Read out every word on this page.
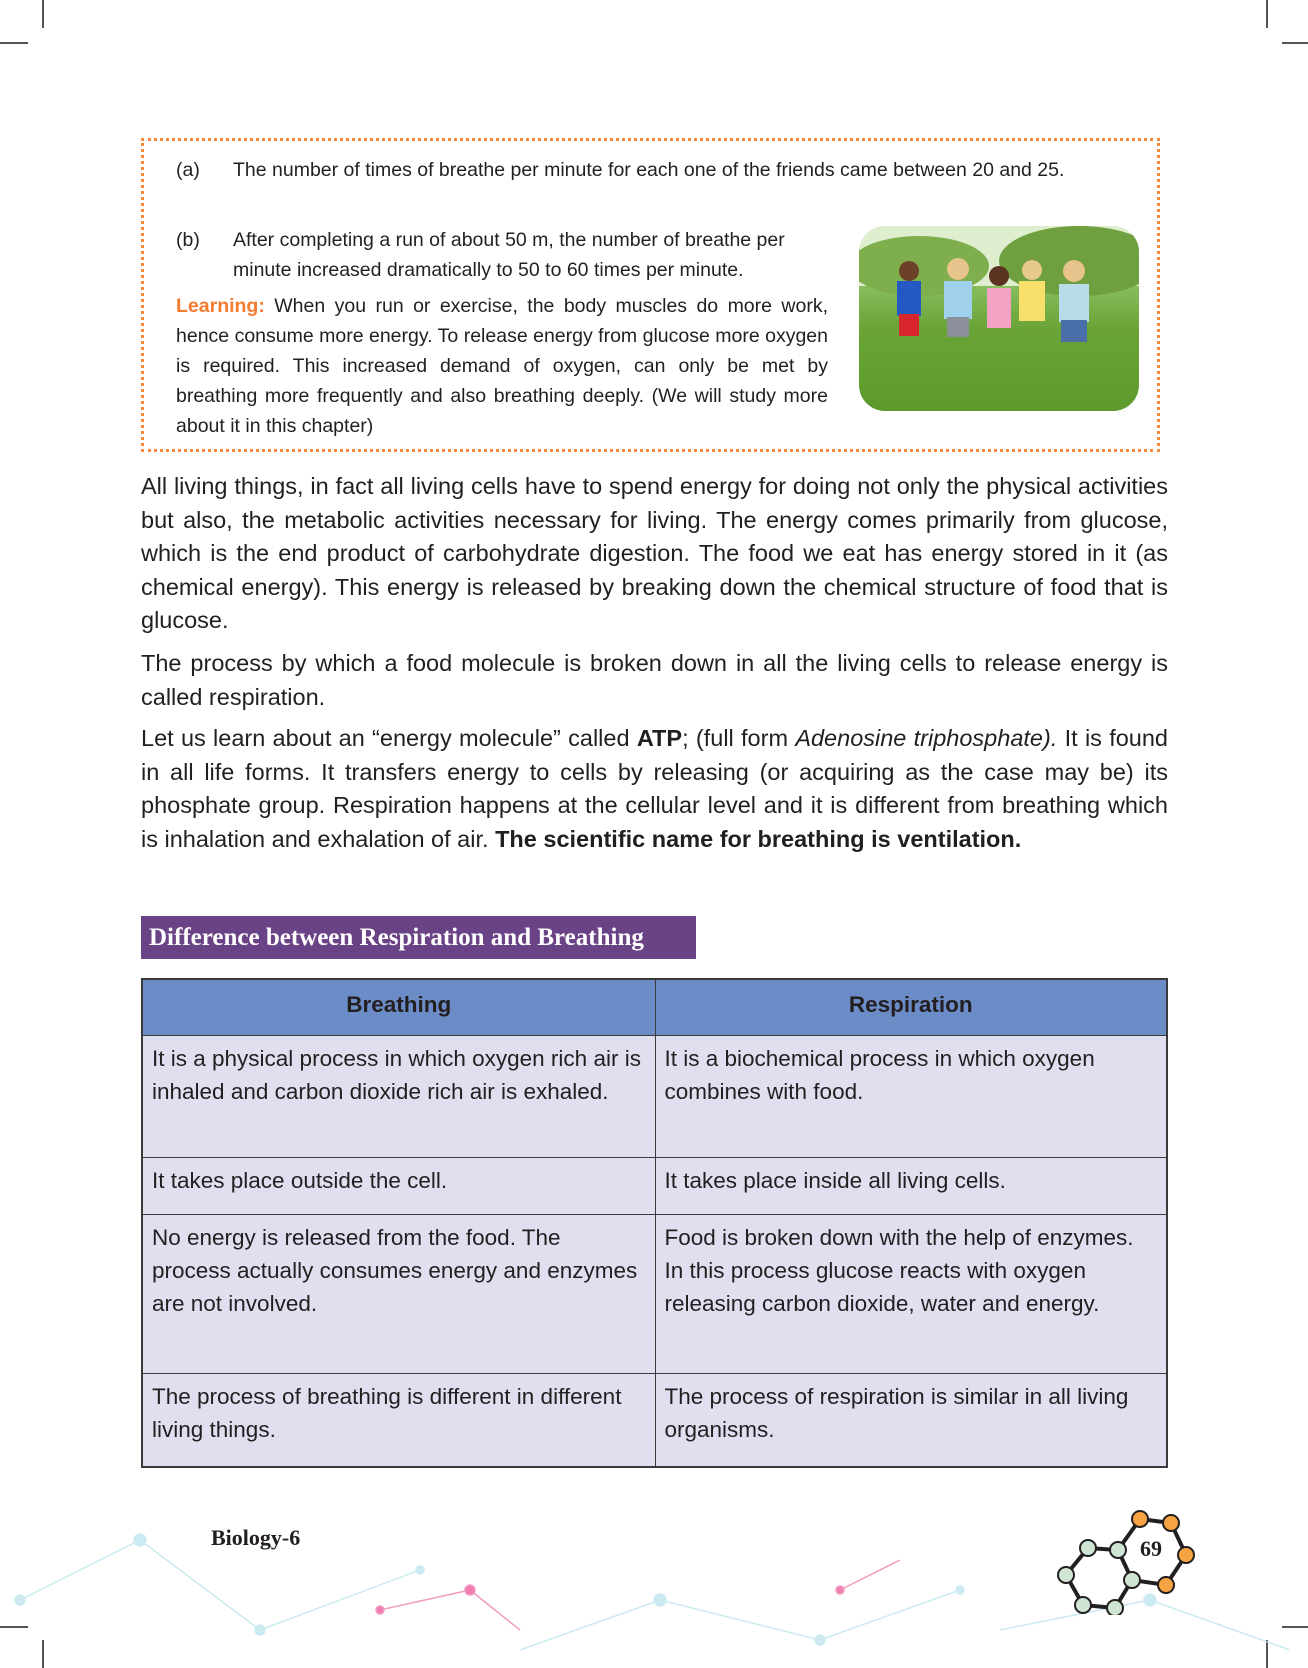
(a) The number of times of breathe per minute for each one of the friends came between 20 and 25.
(b) After completing a run of about 50 m, the number of breathe per minute increased dramatically to 50 to 60 times per minute.
Learning: When you run or exercise, the body muscles do more work, hence consume more energy. To release energy from glucose more oxygen is required. This increased demand of oxygen, can only be met by breathing more frequently and also breathing deeply. (We will study more about it in this chapter)

All living things, in fact all living cells have to spend energy for doing not only the physical activities but also, the metabolic activities necessary for living. The energy comes primarily from glucose, which is the end product of carbohydrate digestion. The food we eat has energy stored in it (as chemical energy). This energy is released by breaking down the chemical structure of food that is glucose.

The process by which a food molecule is broken down in all the living cells to release energy is called respiration.

Let us learn about an “energy molecule” called ATP; (full form Adenosine triphosphate). It is found in all life forms. It transfers energy to cells by releasing (or acquiring as the case may be) its phosphate group. Respiration happens at the cellular level and it is different from breathing which is inhalation and exhalation of air. The scientific name for breathing is ventilation.

Difference between Respiration and Breathing
Breathing	Respiration
It is a physical process in which oxygen rich air is inhaled and carbon dioxide rich air is exhaled.	It is a biochemical process in which oxygen combines with food.
It takes place outside the cell.	It takes place inside all living cells.
No energy is released from the food. The process actually consumes energy and enzymes are not involved.	Food is broken down with the help of enzymes. In this process glucose reacts with oxygen releasing carbon dioxide, water and energy.
The process of breathing is different in different living things.	The process of respiration is similar in all living organisms.
Biology-6	69
